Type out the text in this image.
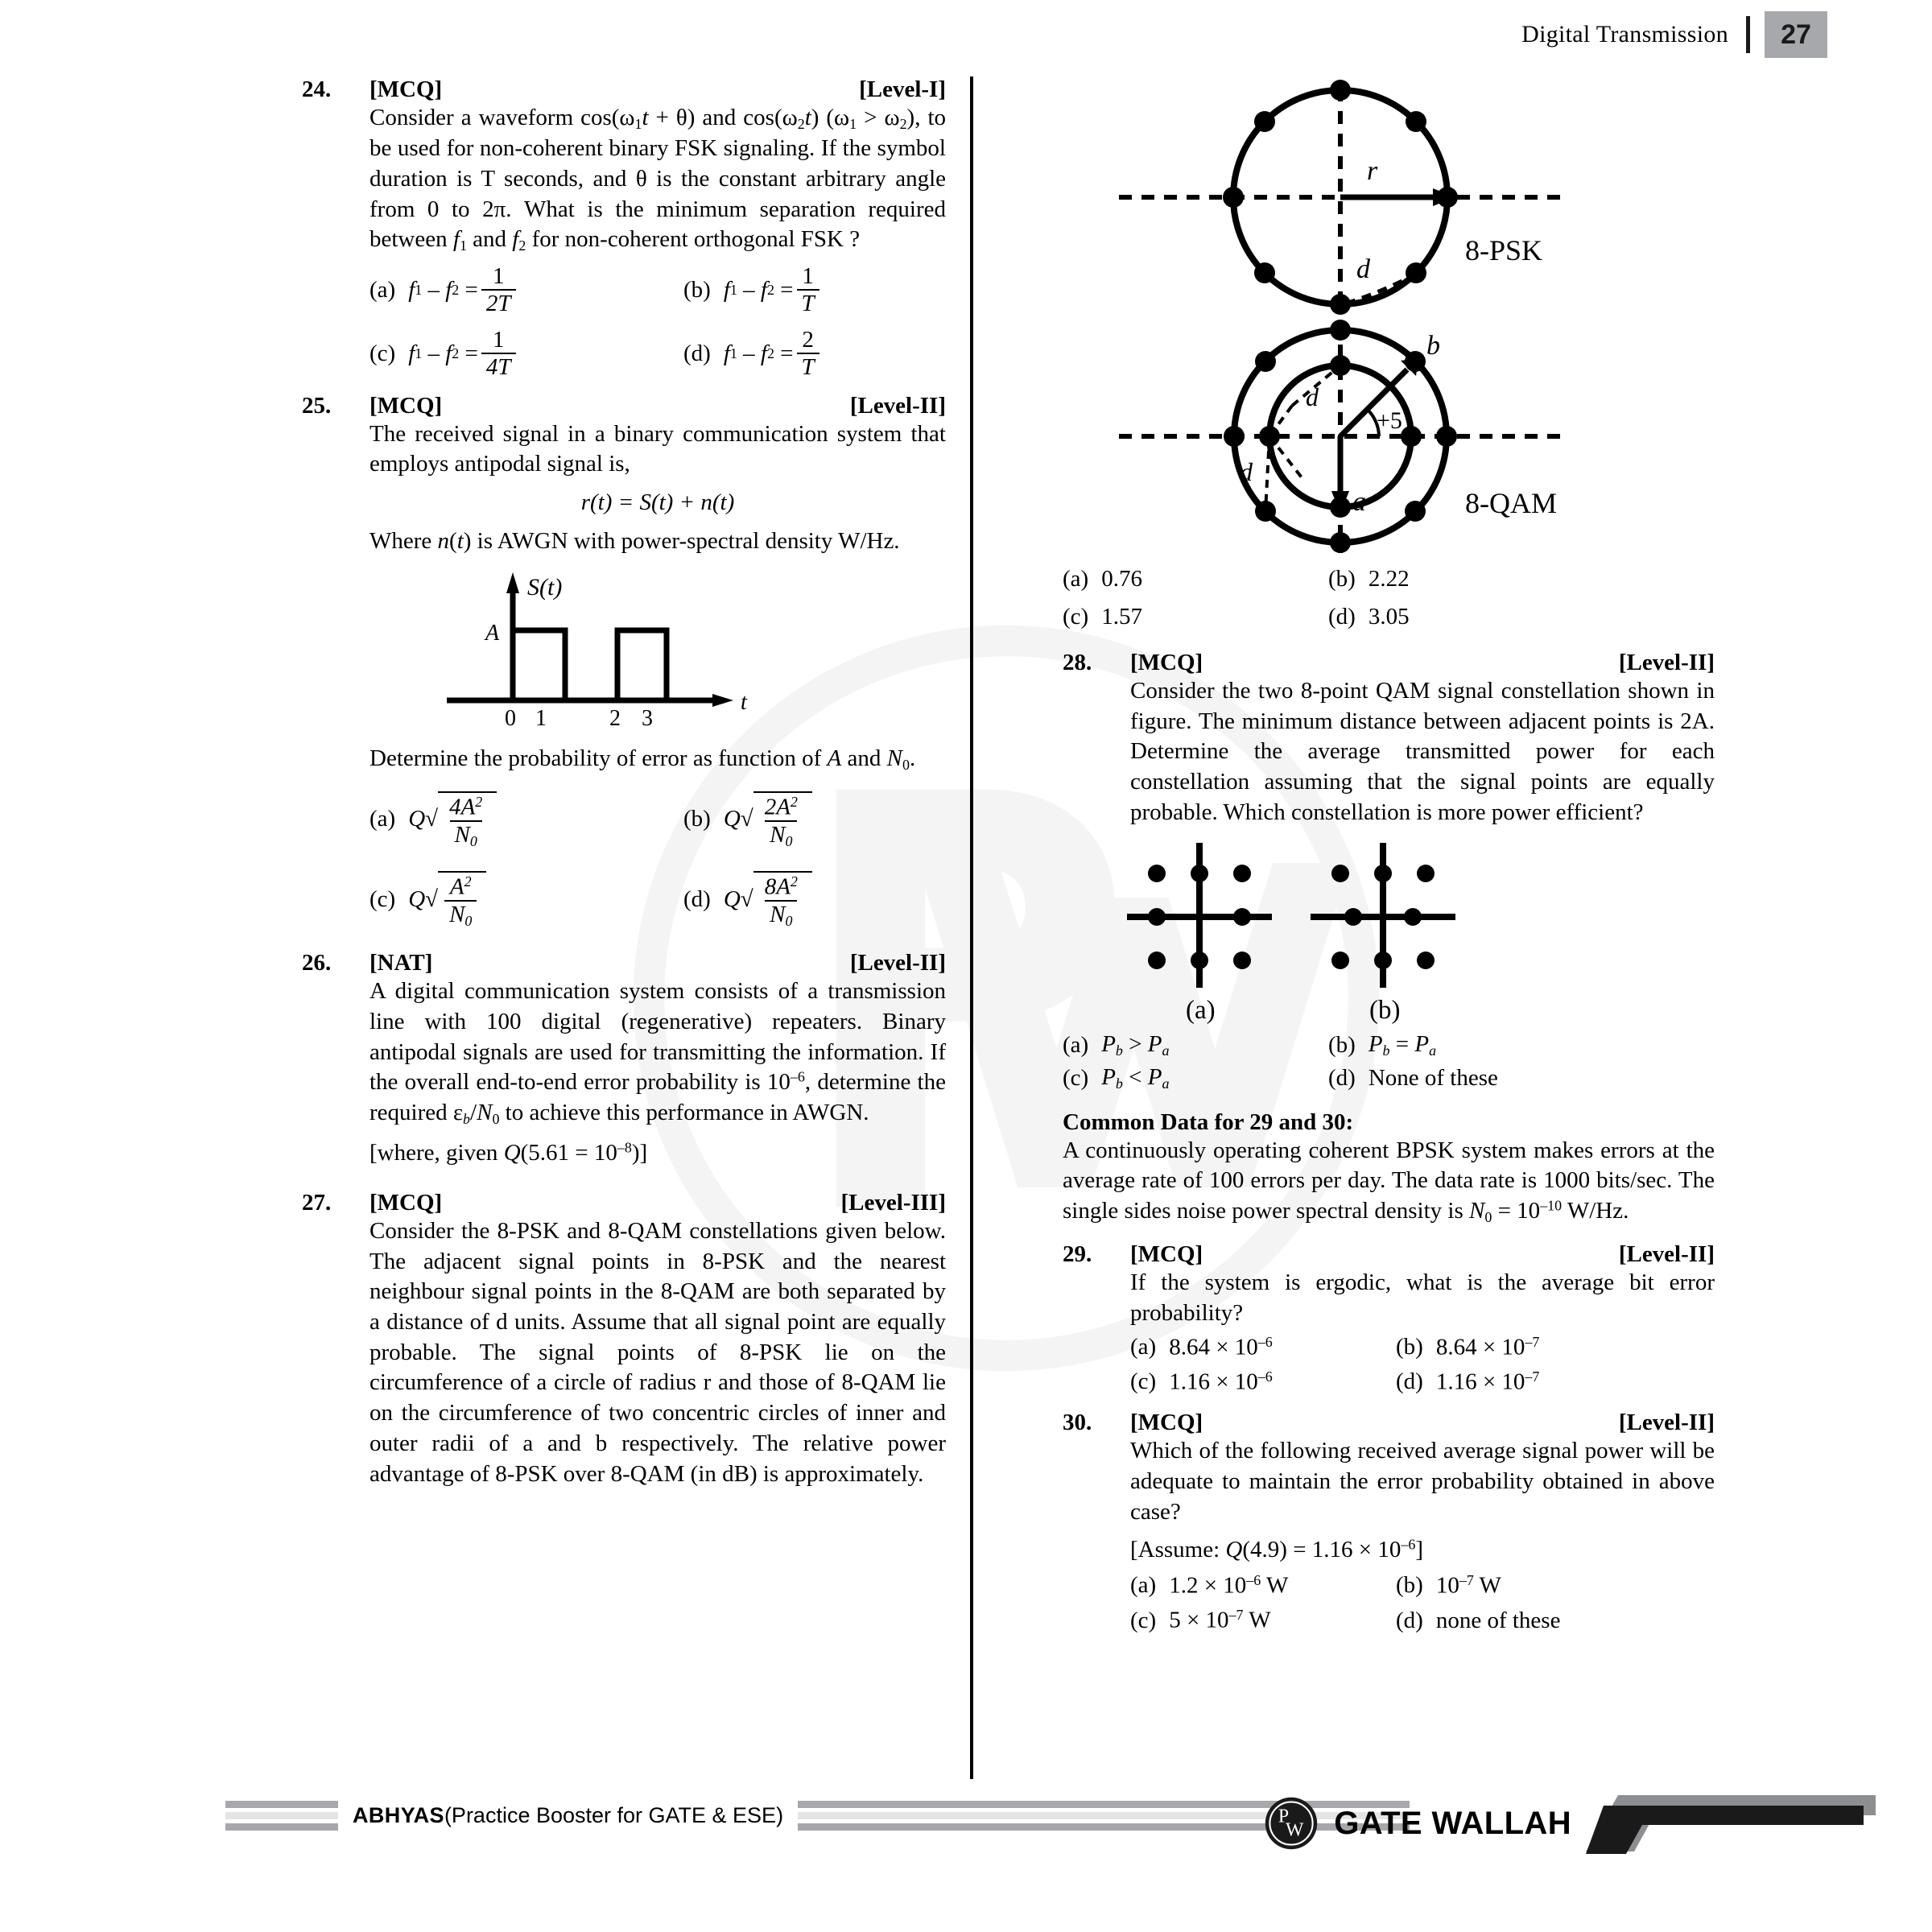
Digital Transmission	27
24.	[MCQ]	[Level-I]

Consider a waveform $\cos(\omega_1t + \theta)$ and $\cos(\omega_2t) (\omega_1 > \omega_2)$, to be used for non-coherent binary FSK signaling. If the symbol duration is T seconds, and θ is the constant arbitrary angle from 0 to 2π. What is the minimum separation required between $f_1$ and $f_2$ for non-coherent orthogonal FSK ?

(a) f 1 – f $2 = \frac{1}{2T}$	(b) f 1 – f $2 = \frac{1}{T}$
(c) f 1 – f $2 = \frac{1}{4T}$	(d) f 1 – f $2 = \frac{2}{T}$
25.	[MCQ]	[Level-II]

The received signal in a binary communication system that employs antipodal signal is,

r(t) = S(t) + n(t)

Where n(t) is AWGN with power-spectral density W/Hz.

S(t)
t
A
0 1	2 3

Determine the probability of error as function of A and $N_0$.

(a) Q √ $\frac{4A^2}{N_0}$	(b) Q √ $\frac{2A^2}{N_0}$
(c) Q √ $\frac{A^2}{N_0}$	(d) Q √ $\frac{8A^2}{N_0}$
26.	[NAT]	[Level-II]

A digital communication system consists of a transmission line with 100 digital (regenerative) repeaters. Binary antipodal signals are used for transmitting the information. If the overall end-to-end error probability is $10^{-6}$, determine the required $\varepsilon_b/N_0$ to achieve this performance in AWGN.

[where, given $Q(5.61 = 10^{-8})$]

27.	[MCQ]	[Level-III]
Consider the 8-PSK and 8-QAM constellations given below. The adjacent signal points in 8-PSK and the nearest neighbour signal points in the 8-QAM are both separated by a distance of d units. Assume that all signal point are equally probable. The signal points of 8-PSK lie on the circumference of a circle of radius r and those of 8-QAM lie on the circumference of two concentric circles of inner and outer radii of a and b respectively. The relative power advantage of 8-PSK over 8-QAM (in dB) is approximately.
r
d
8-PSK
b
a
+5
d
d
8-QAM
(a) 0.76	(b) 2.22
(c) 1.57	(d) 3.05
28.	[MCQ]	[Level-II]
Consider the two 8-point QAM signal constellation shown in figure. The minimum distance between adjacent points is 2A. Determine the average transmitted power for each constellation assuming that the signal points are equally probable. Which constellation is more power efficient?
(a)	(b)
(a) $P_b > P_a$	(b) $P_b = P_a$
(c) $P_b < P_a$	(d) None of these
Common Data for 29 and 30:
A continuously operating coherent BPSK system makes errors at the average rate of 100 errors per day. The data rate is 1000 bits/sec. The single sides noise power spectral density is $N_0 = 10^{-10}$ W/Hz.
29.	[MCQ]	[Level-II]
If the system is ergodic, what is the average bit error probability?
(a) $8.64 \times 10^{-6}$	(b) $8.64 \times 10^{-7}$
(c) $1.16 \times 10^{-6}$	(d) $1.16 \times 10^{-7}$
30.	[MCQ]	[Level-II]
Which of the following received average signal power will be adequate to maintain the error probability obtained in above case?
[Assume: $Q(4.9) = 1.16 \times 10^{-6}$]
(a) $1.2 \times 10^{-6}$ W	(b) $10^{-7}$ W
(c) $5 \times 10^{-7}$ W	(d) none of these
ABHYAS(Practice Booster for GATE & ESE)	P
W GATE WALLAH
